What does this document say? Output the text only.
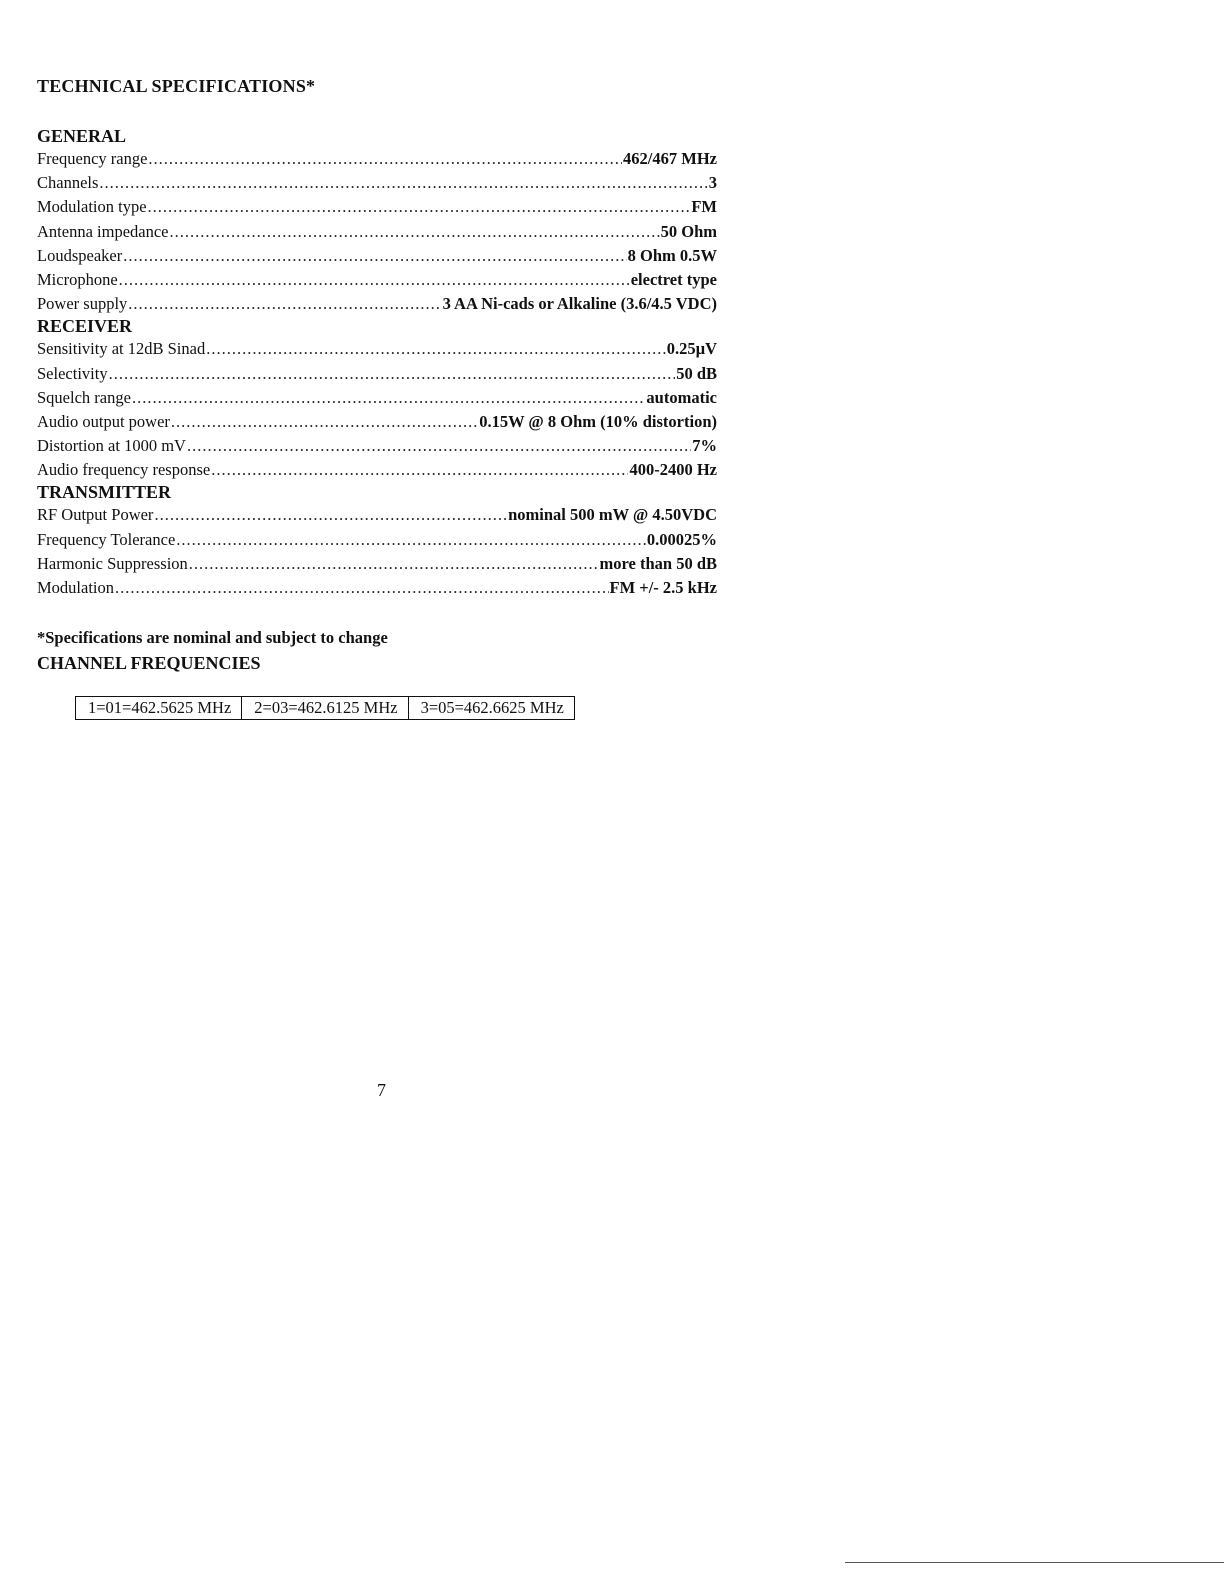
TECHNICAL SPECIFICATIONS*
GENERAL
Frequency range .....	462/467 MHz
Channels .....	3
Modulation type .....	FM
Antenna impedance .....	50 Ohm
Loudspeaker .....	8 Ohm 0.5W
Microphone .....	electret type
Power supply .....	3 AA Ni-cads or Alkaline (3.6/4.5 VDC)
RECEIVER
Sensitivity at 12dB Sinad .....	0.25µV
Selectivity .....	50 dB
Squelch range .....	automatic
Audio output power .....	0.15W @ 8 Ohm (10% distortion)
Distortion at 1000 mV .....	7%
Audio frequency response .....	400-2400 Hz
TRANSMITTER
RF Output Power .....	nominal 500 mW @ 4.50VDC
Frequency Tolerance .....	0.00025%
Harmonic Suppression .....	more than 50 dB
Modulation .....	FM +/- 2.5 kHz
*Specifications are nominal and subject to change
CHANNEL FREQUENCIES
1=01=462.5625 MHz	2=03=462.6125 MHz	3=05=462.6625 MHz
7
